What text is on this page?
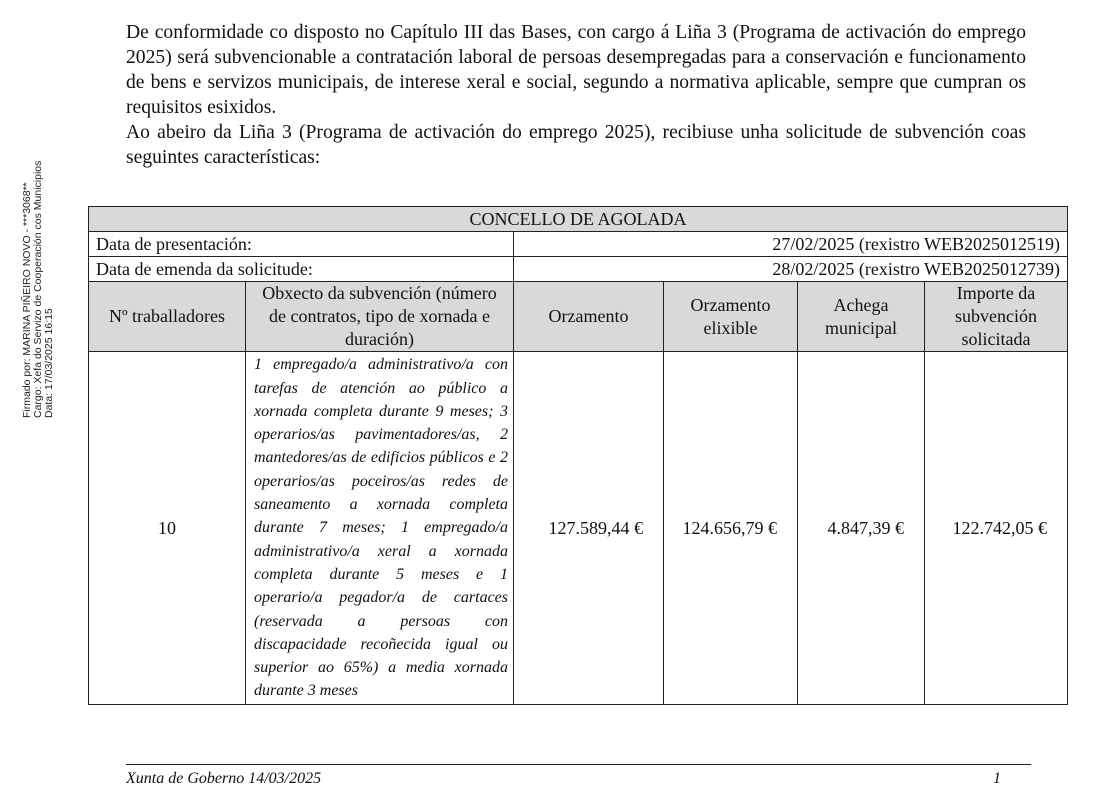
Firmado por: MARINA PIÑEIRO NOVO - ***3068** Cargo: Xefa do Servizo de Cooperación cos Municipios Data: 17/03/2025 16:15

De conformidade co disposto no Capítulo III das Bases, con cargo á Liña 3 (Programa de activación do emprego 2025) será subvencionable a contratación laboral de persoas desempregadas para a conservación e funcionamento de bens e servizos municipais, de interese xeral e social, segundo a normativa aplicable, sempre que cumpran os requisitos esixidos.

Ao abeiro da Liña 3 (Programa de activación do emprego 2025), recibiuse unha solicitude de subvención coas seguintes características:

CONCELLO DE AGOLADA					
Data de presentación:		27/02/2025 (rexistro WEB2025012519)			
Data de emenda da solicitude:		28/02/2025 (rexistro WEB2025012739)			
Nº traballadores	Obxecto da subvención (número de contratos, tipo de xornada e duración)	Orzamento	Orzamento elixible	Achega municipal	Importe da subvención solicitada
10	1 empregado/a administrativo/a con tarefas de atención ao público a xornada completa durante 9 meses; 3 operarios/as pavimentadores/as, 2 mantedores/as de edificios públicos e 2 operarios/as poceiros/as redes de saneamento a xornada completa durante 7 meses; 1 empregado/a administrativo/a xeral a xornada completa durante 5 meses e 1 operario/a pegador/a de cartaces (reservada a persoas con discapacidade recoñecida igual ou superior ao 65%) a media xornada durante 3 meses	127.589,44 €	124.656,79 €	4.847,39 €	122.742,05 €
Xunta de Goberno 14/03/2025	1
